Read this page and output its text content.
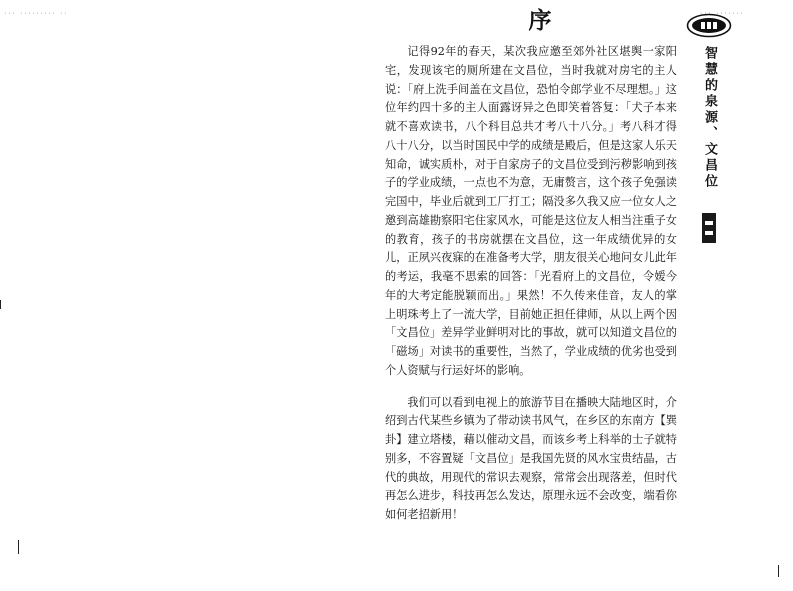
··· ········· ··	··· ·······
序

记得92年的春天，某次我应邀至郊外社区堪舆一家阳宅，发现该宅的厕所建在文昌位，当时我就对房宅的主人说：「府上洗手间盖在文昌位，恐怕令郎学业不尽理想。」这位年约四十多的主人面露讶异之色即笑着答复：「犬子本来就不喜欢读书，八个科目总共才考八十八分。」考八科才得八十八分，以当时国民中学的成绩是殿后，但是这家人乐天知命，诚实质朴，对于自家房子的文昌位受到污秽影响到孩子的学业成绩，一点也不为意，无庸赘言，这个孩子免强读完国中，毕业后就到工厂打工；隔没多久我又应一位女人之邀到高雄勘察阳宅住家风水，可能是这位友人相当注重子女的教育，孩子的书房就摆在文昌位，这一年成绩优异的女儿，正夙兴夜寐的在准备考大学，朋友很关心地问女儿此年的考运，我毫不思索的回答：「光看府上的文昌位，令嫒今年的大考定能脱颖而出。」果然！不久传来佳音，友人的掌上明珠考上了一流大学，目前她正担任律师，从以上两个因「文昌位」差异学业鲜明对比的事故，就可以知道文昌位的「磁场」对读书的重要性，当然了，学业成绩的优劣也受到个人资赋与行运好坏的影响。

我们可以看到电视上的旅游节目在播映大陆地区时，介绍到古代某些乡镇为了带动读书风气，在乡区的东南方【巽卦】建立塔楼，藉以催动文昌，而该乡考上科举的士子就特别多，不容置疑「文昌位」是我国先贤的风水宝贵结晶，古代的典故，用现代的常识去观察，常常会出现落差，但时代再怎么进步，科技再怎么发达，原理永远不会改变，端看你如何老招新用！

智慧的泉源、文昌位
